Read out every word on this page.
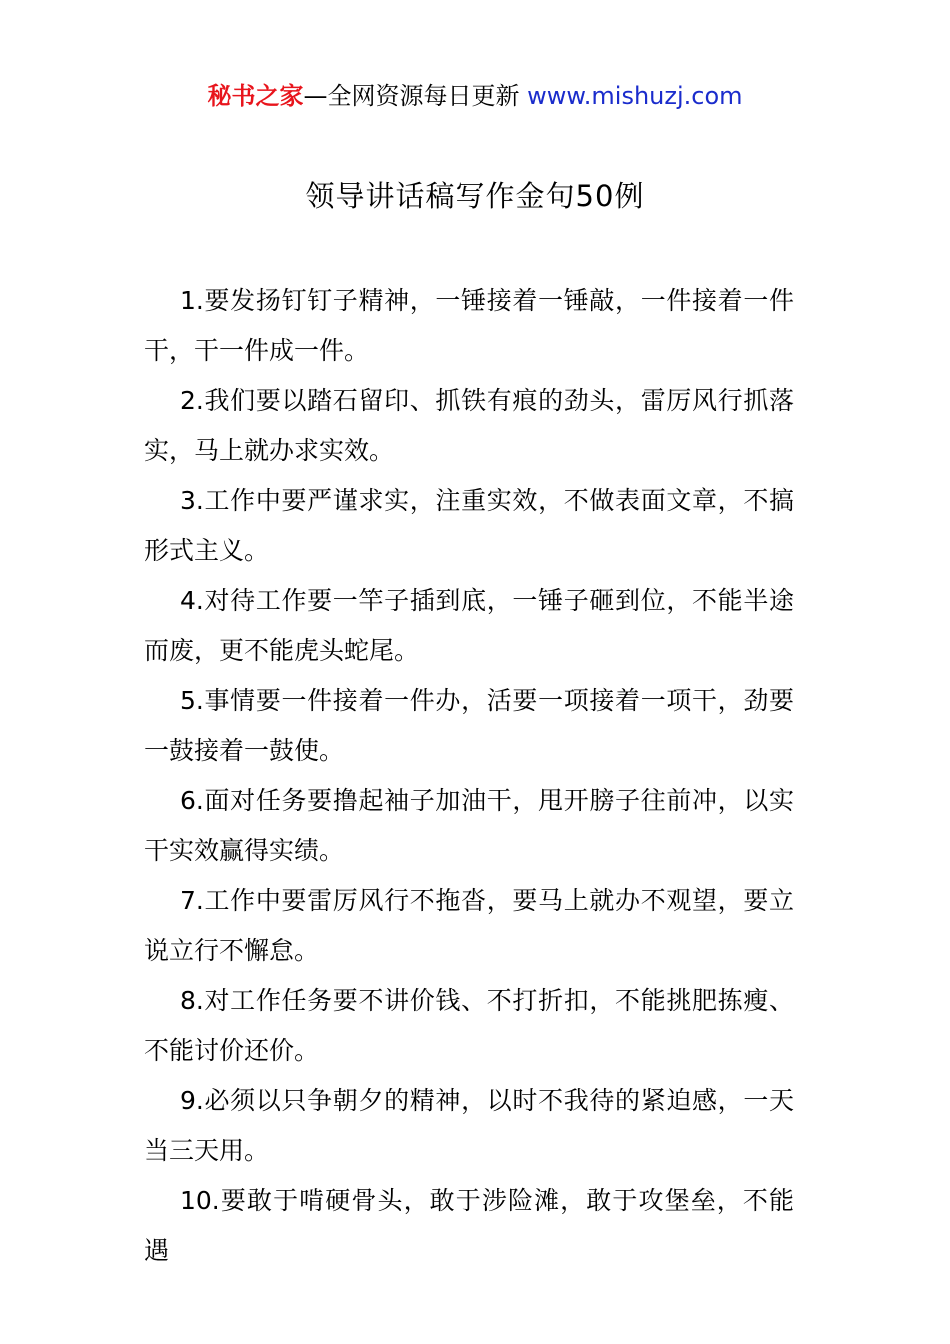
秘书之家—全网资源每日更新 www.mishuzj.com
领导讲话稿写作金句50例

1.要发扬钉钉子精神，一锤接着一锤敲，一件接着一件干，干一件成一件。

2.我们要以踏石留印、抓铁有痕的劲头，雷厉风行抓落实，马上就办求实效。

3.工作中要严谨求实，注重实效，不做表面文章，不搞形式主义。

4.对待工作要一竿子插到底，一锤子砸到位，不能半途而废，更不能虎头蛇尾。

5.事情要一件接着一件办，活要一项接着一项干，劲要一鼓接着一鼓使。

6.面对任务要撸起袖子加油干，甩开膀子往前冲，以实干实效赢得实绩。

7.工作中要雷厉风行不拖沓，要马上就办不观望，要立说立行不懈怠。

8.对工作任务要不讲价钱、不打折扣，不能挑肥拣瘦、不能讨价还价。

9.必须以只争朝夕的精神，以时不我待的紧迫感，一天当三天用。

10.要敢于啃硬骨头，敢于涉险滩，敢于攻堡垒，不能遇
